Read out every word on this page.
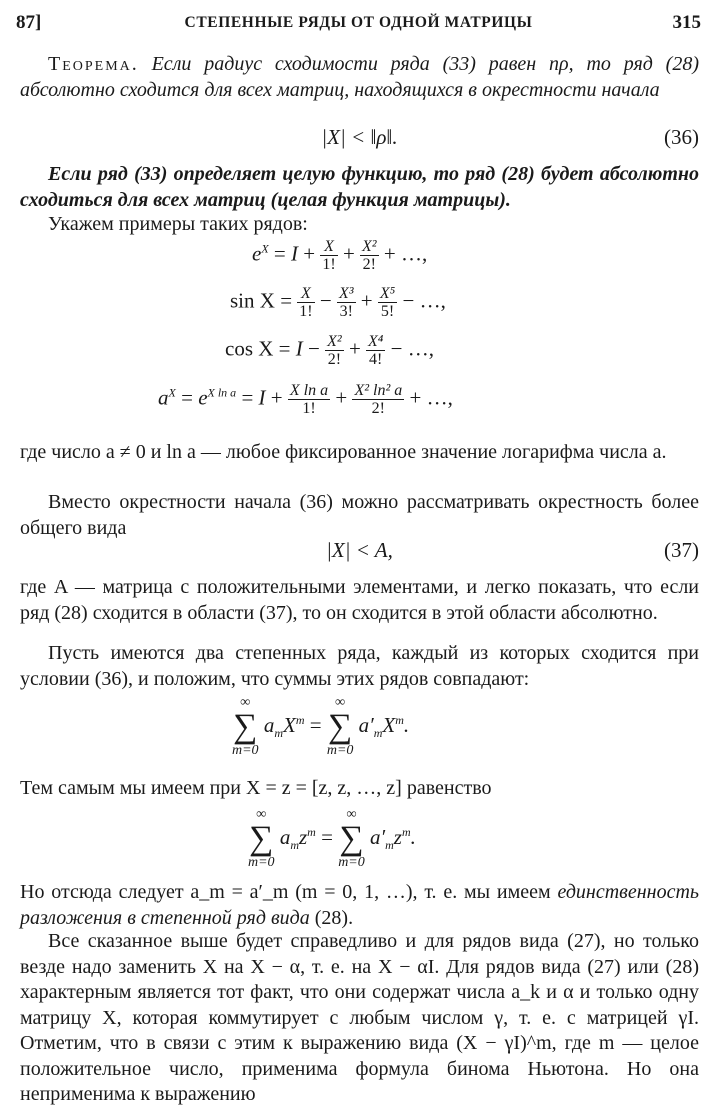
87]	СТЕПЕННЫЕ РЯДЫ ОТ ОДНОЙ МАТРИЦЫ	315
Теорема. Если радиус сходимости ряда (33) равен nρ, то ряд (28) абсолютно сходится для всех матриц, находящихся в окрестности начала
|X| < ‖ρ‖.	(36)
Если ряд (33) определяет целую функцию, то ряд (28) будет абсолютно сходиться для всех матриц (целая функция матрицы).
Укажем примеры таких рядов:
$e^X = I + \frac{X}{1!} + \frac{\text{X²}}{2!}$ + …,
$\sin X = \frac{X}{1!} - \frac{\text{X³}}{3!} + \frac{\text{X⁵}}{5!}$ − …,
$\cos X = I - \frac{\text{X²}}{2!} + \frac{\text{X⁴}}{4!}$ − …,
$a^X = e^{X ln a} = I + \frac{\text{X ln a}}{1!} + \frac{\text{X² ln² a}}{2!}$ + …,
где число a ≠ 0 и ln a — любое фиксированное значение логарифма числа a.
Вместо окрестности начала (36) можно рассматривать окрестность более общего вида
|X| < A,	(37)
где A — матрица с положительными элементами, и легко показать, что если ряд (28) сходится в области (37), то он сходится в этой области абсолютно.
Пусть имеются два степенных ряда, каждый из которых сходится при условии (36), и положим, что суммы этих рядов совпадают:
∞
∑
m=0
$a_mX^m$ =
∞
∑
m=0
$a'_mX^m$.
Тем самым мы имеем при X = z = [z, z, …, z] равенство
∞
∑
m=0
$a_mz^m$ =
∞
∑
m=0
$a'_mz^m$.
Но отсюда следует a_m = a′_m (m = 0, 1, …), т. е. мы имеем единственность разложения в степенной ряд вида (28).
Все сказанное выше будет справедливо и для рядов вида (27), но только везде надо заменить X на X − α, т. е. на X − αI. Для рядов вида (27) или (28) характерным является тот факт, что они содержат числа a_k и α и только одну матрицу X, которая коммутирует с любым числом γ, т. е. с матрицей γI. Отметим, что в связи с этим к выражению вида (X − γI)^m, где m — целое положительное число, применима формула бинома Ньютона. Но она неприменима к выражению
